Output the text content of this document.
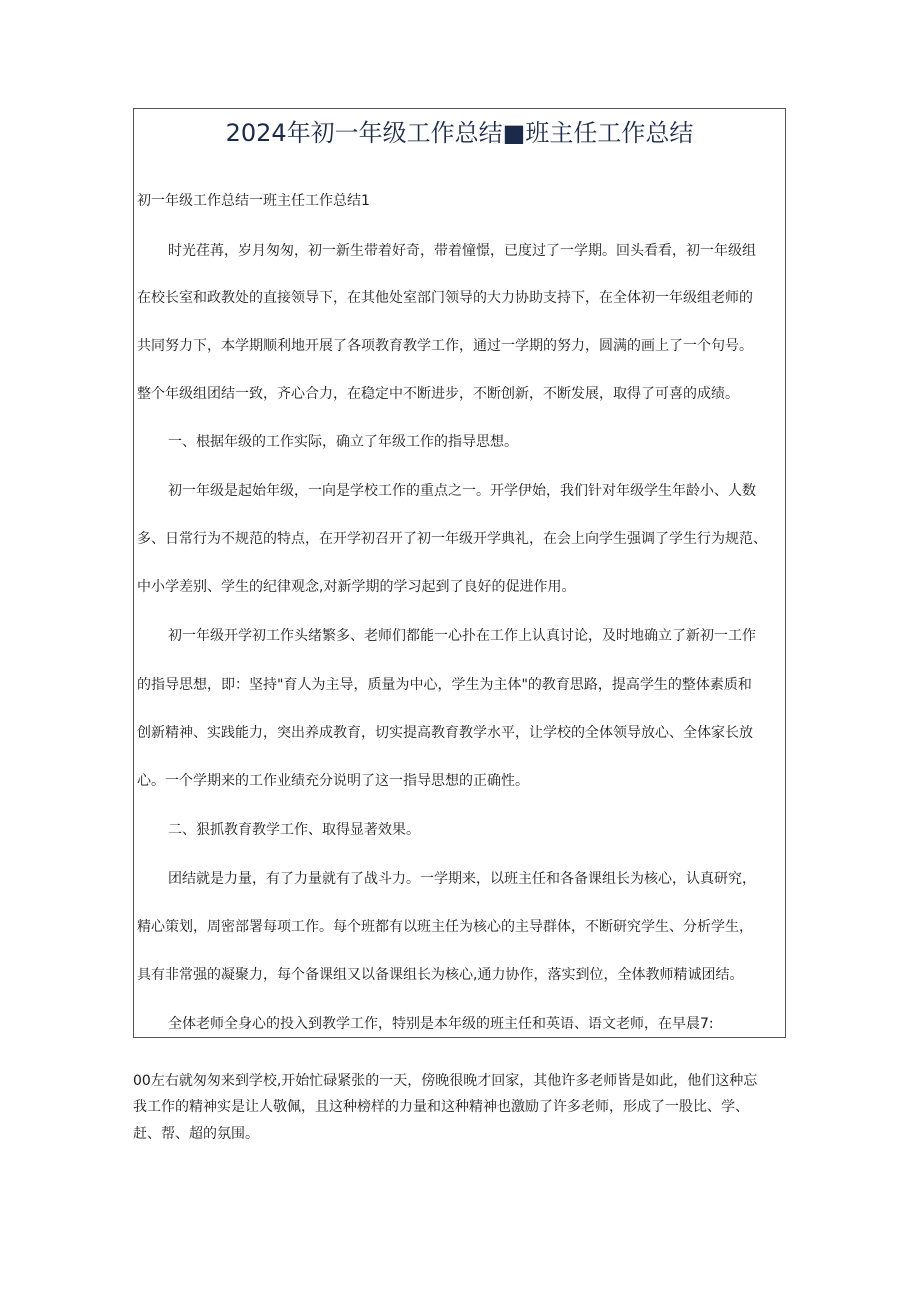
2024年初一年级工作总结■班主任工作总结

初一年级工作总结一班主任工作总结1

时光荏苒，岁月匆匆，初一新生带着好奇，带着憧憬，已度过了一学期。回头看看，初一年级组

在校长室和政教处的直接领导下，在其他处室部门领导的大力协助支持下，在全体初一年级组老师的

共同努力下，本学期顺利地开展了各项教育教学工作，通过一学期的努力，圆满的画上了一个句号。

整个年级组团结一致，齐心合力，在稳定中不断进步，不断创新，不断发展，取得了可喜的成绩。

一、根据年级的工作实际，确立了年级工作的指导思想。

初一年级是起始年级，一向是学校工作的重点之一。开学伊始，我们针对年级学生年龄小、人数

多、日常行为不规范的特点，在开学初召开了初一年级开学典礼，在会上向学生强调了学生行为规范、

中小学差别、学生的纪律观念,对新学期的学习起到了良好的促进作用。

初一年级开学初工作头绪繁多、老师们都能一心扑在工作上认真讨论，及时地确立了新初一工作

的指导思想，即：坚持"育人为主导，质量为中心，学生为主体"的教育思路，提高学生的整体素质和

创新精神、实践能力，突出养成教育，切实提高教育教学水平，让学校的全体领导放心、全体家长放

心。一个学期来的工作业绩充分说明了这一指导思想的正确性。

二、狠抓教育教学工作、取得显著效果。

团结就是力量，有了力量就有了战斗力。一学期来，以班主任和各备课组长为核心，认真研究，

精心策划，周密部署每项工作。每个班都有以班主任为核心的主导群体，不断研究学生、分析学生，

具有非常强的凝聚力，每个备课组又以备课组长为核心,通力协作，落实到位，全体教师精诚团结。

全体老师全身心的投入到教学工作，特别是本年级的班主任和英语、语文老师，在早晨7:

00左右就匆匆来到学校,开始忙碌紧张的一天，傍晚很晚才回家，其他许多老师皆是如此，他们这种忘

我工作的精神实是让人敬佩，且这种榜样的力量和这种精神也激励了许多老师，形成了一股比、学、

赶、帮、超的氛围。
